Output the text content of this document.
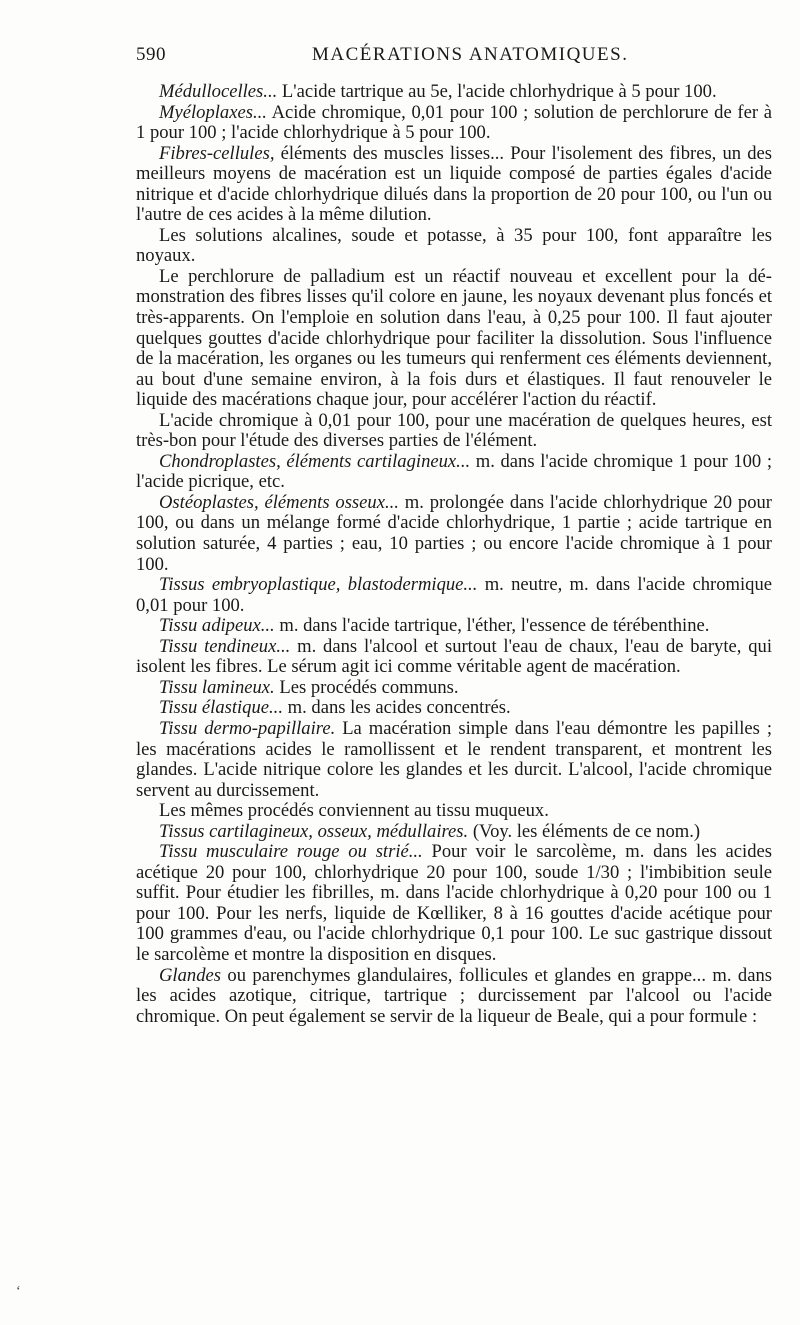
590	MACÉRATIONS ANATOMIQUES.

Médullocelles... L'acide tartrique au 5e, l'acide chlorhydrique à 5 pour 100.

Myéloplaxes... Acide chromique, 0,01 pour 100 ; solution de perchlorure de fer à 1 pour 100 ; l'acide chlorhydrique à 5 pour 100.

Fibres-cellules, éléments des muscles lisses... Pour l'isolement des fibres, un des meilleurs moyens de macération est un liquide composé de parties égales d'acide nitrique et d'acide chlorhydrique dilués dans la proportion de 20 pour 100, ou l'un ou l'autre de ces acides à la même dilution.

Les solutions alcalines, soude et potasse, à 35 pour 100, font apparaître les noyaux.

Le perchlorure de palladium est un réactif nouveau et excellent pour la démonstration des fibres lisses qu'il colore en jaune, les noyaux devenant plus foncés et très-apparents. On l'emploie en solution dans l'eau, à 0,25 pour 100. Il faut ajouter quelques gouttes d'acide chlorhydrique pour faciliter la dissolution. Sous l'influence de la macération, les organes ou les tumeurs qui renferment ces éléments deviennent, au bout d'une semaine environ, à la fois durs et élastiques. Il faut renouveler le liquide des macérations chaque jour, pour accélérer l'action du réactif.

L'acide chromique à 0,01 pour 100, pour une macération de quelques heures, est très-bon pour l'étude des diverses parties de l'élément.

Chondroplastes, éléments cartilagineux... m. dans l'acide chromique 1 pour 100 ; l'acide picrique, etc.

Ostéoplastes, éléments osseux... m. prolongée dans l'acide chlorhydrique 20 pour 100, ou dans un mélange formé d'acide chlorhydrique, 1 partie ; acide tartrique en solution saturée, 4 parties ; eau, 10 parties ; ou encore l'acide chromique à 1 pour 100.

Tissus embryoplastique, blastodermique... m. neutre, m. dans l'acide chromique 0,01 pour 100.

Tissu adipeux... m. dans l'acide tartrique, l'éther, l'essence de térébenthine.

Tissu tendineux... m. dans l'alcool et surtout l'eau de chaux, l'eau de baryte, qui isolent les fibres. Le sérum agit ici comme véritable agent de macération.

Tissu lamineux. Les procédés communs.

Tissu élastique... m. dans les acides concentrés.

Tissu dermo-papillaire. La macération simple dans l'eau démontre les papilles ; les macérations acides le ramollissent et le rendent transparent, et montrent les glandes. L'acide nitrique colore les glandes et les durcit. L'alcool, l'acide chromique servent au durcissement.

Les mêmes procédés conviennent au tissu muqueux.

Tissus cartilagineux, osseux, médullaires. (Voy. les éléments de ce nom.)

Tissu musculaire rouge ou strié... Pour voir le sarcolème, m. dans les acides acétique 20 pour 100, chlorhydrique 20 pour 100, soude 1/30 ; l'imbibition seule suffit. Pour étudier les fibrilles, m. dans l'acide chlorhydrique à 0,20 pour 100 ou 1 pour 100. Pour les nerfs, liquide de Kœlliker, 8 à 16 gouttes d'acide acétique pour 100 grammes d'eau, ou l'acide chlorhydrique 0,1 pour 100. Le suc gastrique dissout le sarcolème et montre la disposition en disques.

Glandes ou parenchymes glandulaires, follicules et glandes en grappe... m. dans les acides azotique, citrique, tartrique ; durcissement par l'alcool ou l'acide chromique. On peut également se servir de la liqueur de Beale, qui a pour formule :

‘
